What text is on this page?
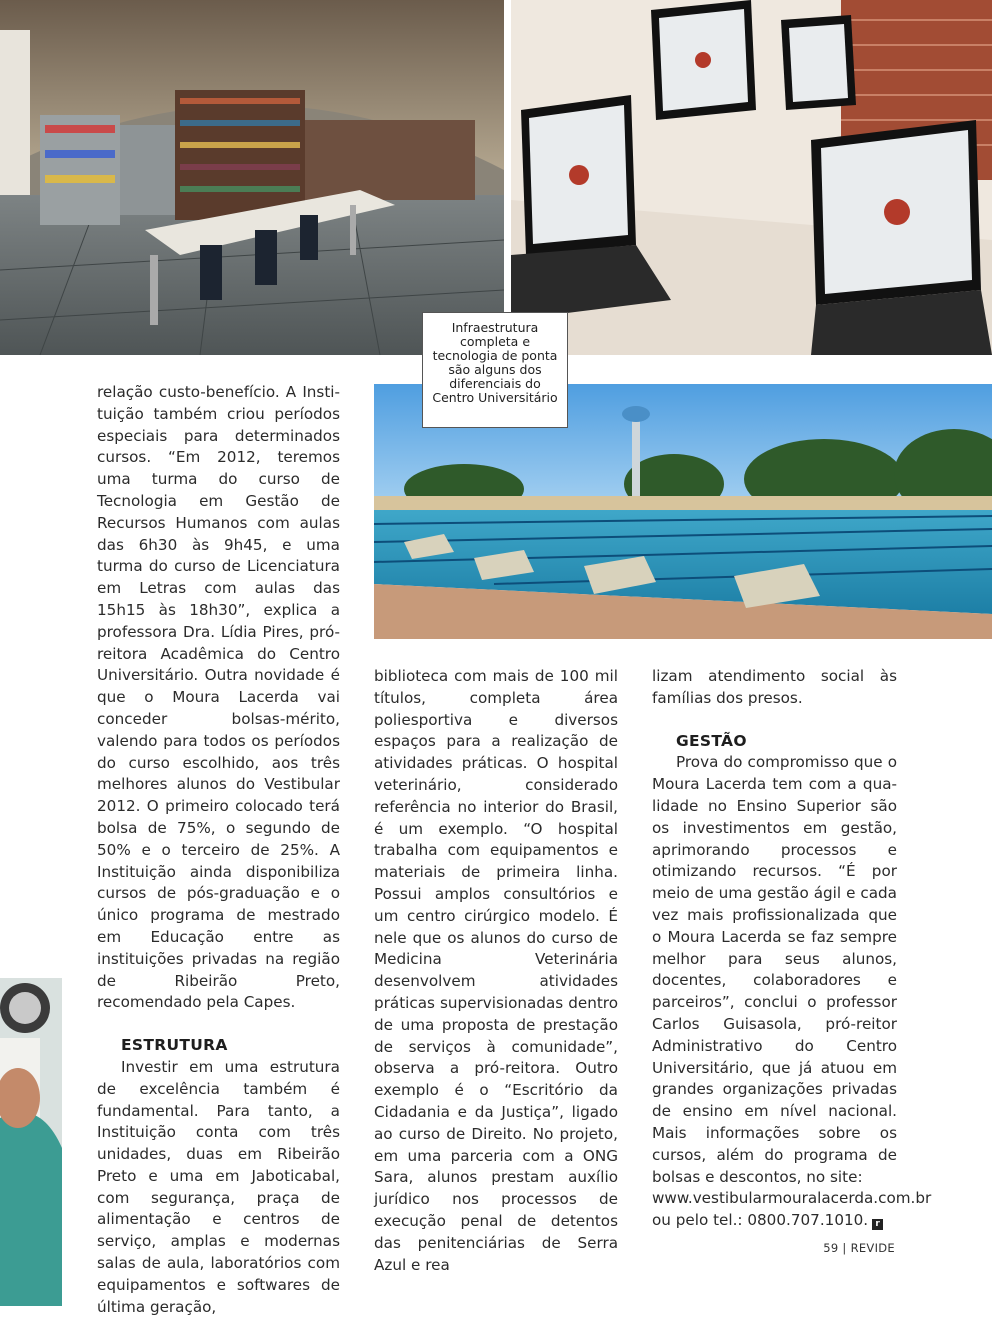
Infraestrutura completa e tecnologia de ponta são alguns dos diferenciais do Centro Universitário

relação custo-benefício. A Instituição também criou períodos especiais para determinados cursos. “Em 2012, teremos uma turma do curso de Tecnologia em Gestão de Recursos Humanos com aulas das 6h30 às 9h45, e uma turma do curso de Licenciatura em Letras com aulas das 15h15 às 18h30”, explica a professora Dra. Lídia Pires, pró-reitora Acadêmica do Centro Universitário. Outra novidade é que o Moura Lacerda vai conceder bolsas-mérito, valendo para todos os períodos do curso escolhido, aos três melhores alunos do Vestibular 2012. O primeiro colocado terá bolsa de 75%, o segundo de 50% e o terceiro de 25%. A Instituição ainda disponibiliza cursos de pós-graduação e o único programa de mestrado em Educação entre as instituições privadas na região de Ribeirão Preto, recomendado pela Capes.

ESTRUTURA

Investir em uma estrutura de excelência também é fundamental. Para tanto, a Instituição conta com três unidades, duas em Ribeirão Preto e uma em Jaboticabal, com segurança, praça de alimentação e centros de serviço, amplas e modernas salas de aula, laboratórios com equipamentos e softwares de última geração,

biblioteca com mais de 100 mil títulos, completa área poliesportiva e diversos espaços para a realização de atividades práticas. O hospital veterinário, considerado referência no interior do Brasil, é um exemplo. “O hospital trabalha com equipamentos e materiais de primeira linha. Possui amplos consultórios e um centro cirúrgico modelo. É nele que os alunos do curso de Medicina Veterinária desenvolvem atividades práticas supervisionadas dentro de uma proposta de prestação de serviços à comunidade”, observa a pró-reitora. Outro exemplo é o “Escritório da Cidadania e da Justiça”, ligado ao curso de Direito. No projeto, em uma parceria com a ONG Sara, alunos prestam auxílio jurídico nos processos de execução penal de detentos das penitenciárias de Serra Azul e rea

lizam atendimento social às famílias dos presos.

GESTÃO

Prova do compromisso que o Moura Lacerda tem com a qualidade no Ensino Superior são os investimentos em gestão, aprimorando processos e otimizando recursos. “É por meio de uma gestão ágil e cada vez mais profissionalizada que o Moura Lacerda se faz sempre melhor para seus alunos, docentes, colaboradores e parceiros”, conclui o professor Carlos Guisasola, pró-reitor Administrativo do Centro Universitário, que já atuou em grandes organizações privadas de ensino em nível nacional. Mais informações sobre os cursos, além do programa de bolsas e descontos, no site:

www.vestibularmouralacerda.com.br

ou pelo tel.: 0800.707.1010. r

59 | REVIDE
